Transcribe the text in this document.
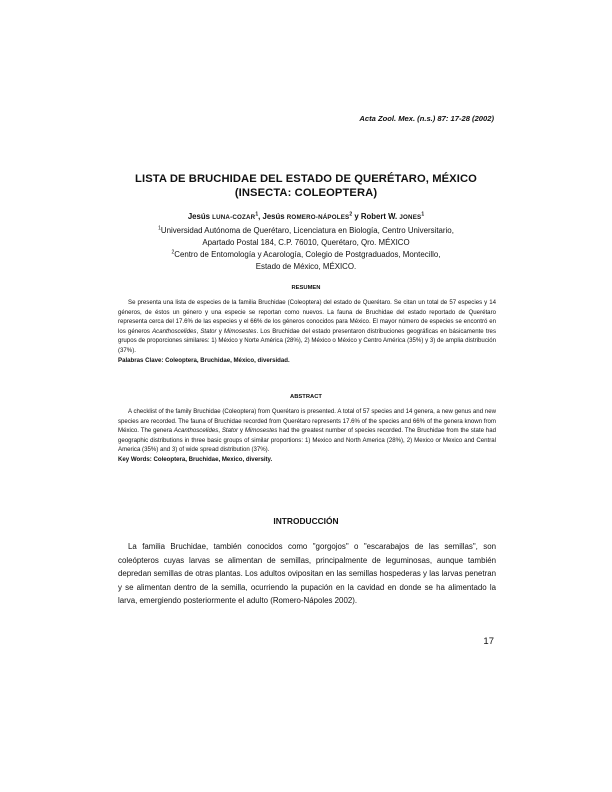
Acta Zool. Mex. (n.s.) 87: 17-28 (2002)
LISTA DE BRUCHIDAE DEL ESTADO DE QUERÉTARO, MÉXICO
(INSECTA: COLEOPTERA)
Jesús LUNA-COZAR$^1$, Jesús ROMERO-NÁPOLES$^2$ y Robert W. JONES$^1$
$^1$Universidad Autónoma de Querétaro, Licenciatura en Biología, Centro Universitario,
Apartado Postal 184, C.P. 76010, Querétaro, Qro. MÉXICO
$^2$Centro de Entomología y Acarología, Colegio de Postgraduados, Montecillo,
Estado de México, MÉXICO.
RESUMEN

Se presenta una lista de especies de la familia Bruchidae (Coleoptera) del estado de Querétaro. Se citan un total de 57 especies y 14 géneros, de éstos un género y una especie se reportan como nuevos. La fauna de Bruchidae del estado reportado de Querétaro representa cerca del 17.6% de las especies y el 66% de los géneros conocidos para México. El mayor número de especies se encontró en los géneros Acanthoscelides, Stator y Mimosestes. Los Bruchidae del estado presentaron distribuciones geográficas en básicamente tres grupos de proporciones similares: 1) México y Norte América (28%), 2) México o México y Centro América (35%) y 3) de amplia distribución (37%).

Palabras Clave: Coleoptera, Bruchidae, México, diversidad.

ABSTRACT

A checklist of the family Bruchidae (Coleoptera) from Querétaro is presented. A total of 57 species and 14 genera, a new genus and new species are recorded. The fauna of Bruchidae recorded from Querétaro represents 17.6% of the species and 66% of the genera known from México. The genera Acanthoscelides, Stator y Mimosestes had the greatest number of species recorded. The Bruchidae from the state had geographic distributions in three basic groups of similar proportions: 1) Mexico and North America (28%), 2) Mexico or Mexico and Central America (35%) and 3) of wide spread distribution (37%).

Key Words: Coleoptera, Bruchidae, Mexico, diversity.

INTRODUCCIÓN

La familia Bruchidae, también conocidos como "gorgojos" o "escarabajos de las semillas", son coleópteros cuyas larvas se alimentan de semillas, principalmente de leguminosas, aunque también depredan semillas de otras plantas. Los adultos ovipositan en las semillas hospederas y las larvas penetran y se alimentan dentro de la semilla, ocurriendo la pupación en la cavidad en donde se ha alimentado la larva, emergiendo posteriormente el adulto (Romero-Nápoles 2002).

17
